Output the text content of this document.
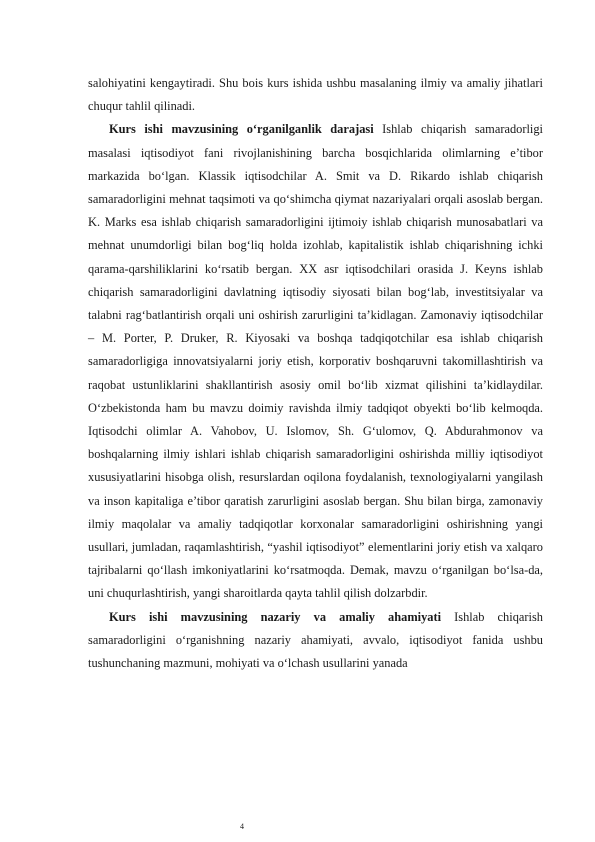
salohiyatini kengaytiradi. Shu bois kurs ishida ushbu masalaning ilmiy va amaliy jihatlari chuqur tahlil qilinadi.

Kurs ishi mavzusining o‘rganilganlik darajasi Ishlab chiqarish samaradorligi masalasi iqtisodiyot fani rivojlanishining barcha bosqichlarida olimlarning e’tibor markazida bo‘lgan. Klassik iqtisodchilar A. Smit va D. Rikardo ishlab chiqarish samaradorligini mehnat taqsimoti va qo‘shimcha qiymat nazariyalari orqali asoslab bergan. K. Marks esa ishlab chiqarish samaradorligini ijtimoiy ishlab chiqarish munosabatlari va mehnat unumdorligi bilan bog‘liq holda izohlab, kapitalistik ishlab chiqarishning ichki qarama-qarshiliklarini ko‘rsatib bergan. XX asr iqtisodchilari orasida J. Keyns ishlab chiqarish samaradorligini davlatning iqtisodiy siyosati bilan bog‘lab, investitsiyalar va talabni rag‘batlantirish orqali uni oshirish zarurligini ta’kidlagan. Zamonaviy iqtisodchilar – M. Porter, P. Druker, R. Kiyosaki va boshqa tadqiqotchilar esa ishlab chiqarish samaradorligiga innovatsiyalarni joriy etish, korporativ boshqaruvni takomillashtirish va raqobat ustunliklarini shakllantirish asosiy omil bo‘lib xizmat qilishini ta’kidlaydilar. O‘zbekistonda ham bu mavzu doimiy ravishda ilmiy tadqiqot obyekti bo‘lib kelmoqda. Iqtisodchi olimlar A. Vahobov, U. Islomov, Sh. G‘ulomov, Q. Abdurahmonov va boshqalarning ilmiy ishlari ishlab chiqarish samaradorligini oshirishda milliy iqtisodiyot xususiyatlarini hisobga olish, resurslardan oqilona foydalanish, texnologiyalarni yangilash va inson kapitaliga e’tibor qaratish zarurligini asoslab bergan. Shu bilan birga, zamonaviy ilmiy maqolalar va amaliy tadqiqotlar korxonalar samaradorligini oshirishning yangi usullari, jumladan, raqamlashtirish, “yashil iqtisodiyot” elementlarini joriy etish va xalqaro tajribalarni qo‘llash imkoniyatlarini ko‘rsatmoqda. Demak, mavzu o‘rganilgan bo‘lsa-da, uni chuqurlashtirish, yangi sharoitlarda qayta tahlil qilish dolzarbdir.

Kurs ishi mavzusining nazariy va amaliy ahamiyati Ishlab chiqarish samaradorligini o‘rganishning nazariy ahamiyati, avvalo, iqtisodiyot fanida ushbu tushunchaning mazmuni, mohiyati va o‘lchash usullarini yanada

4
